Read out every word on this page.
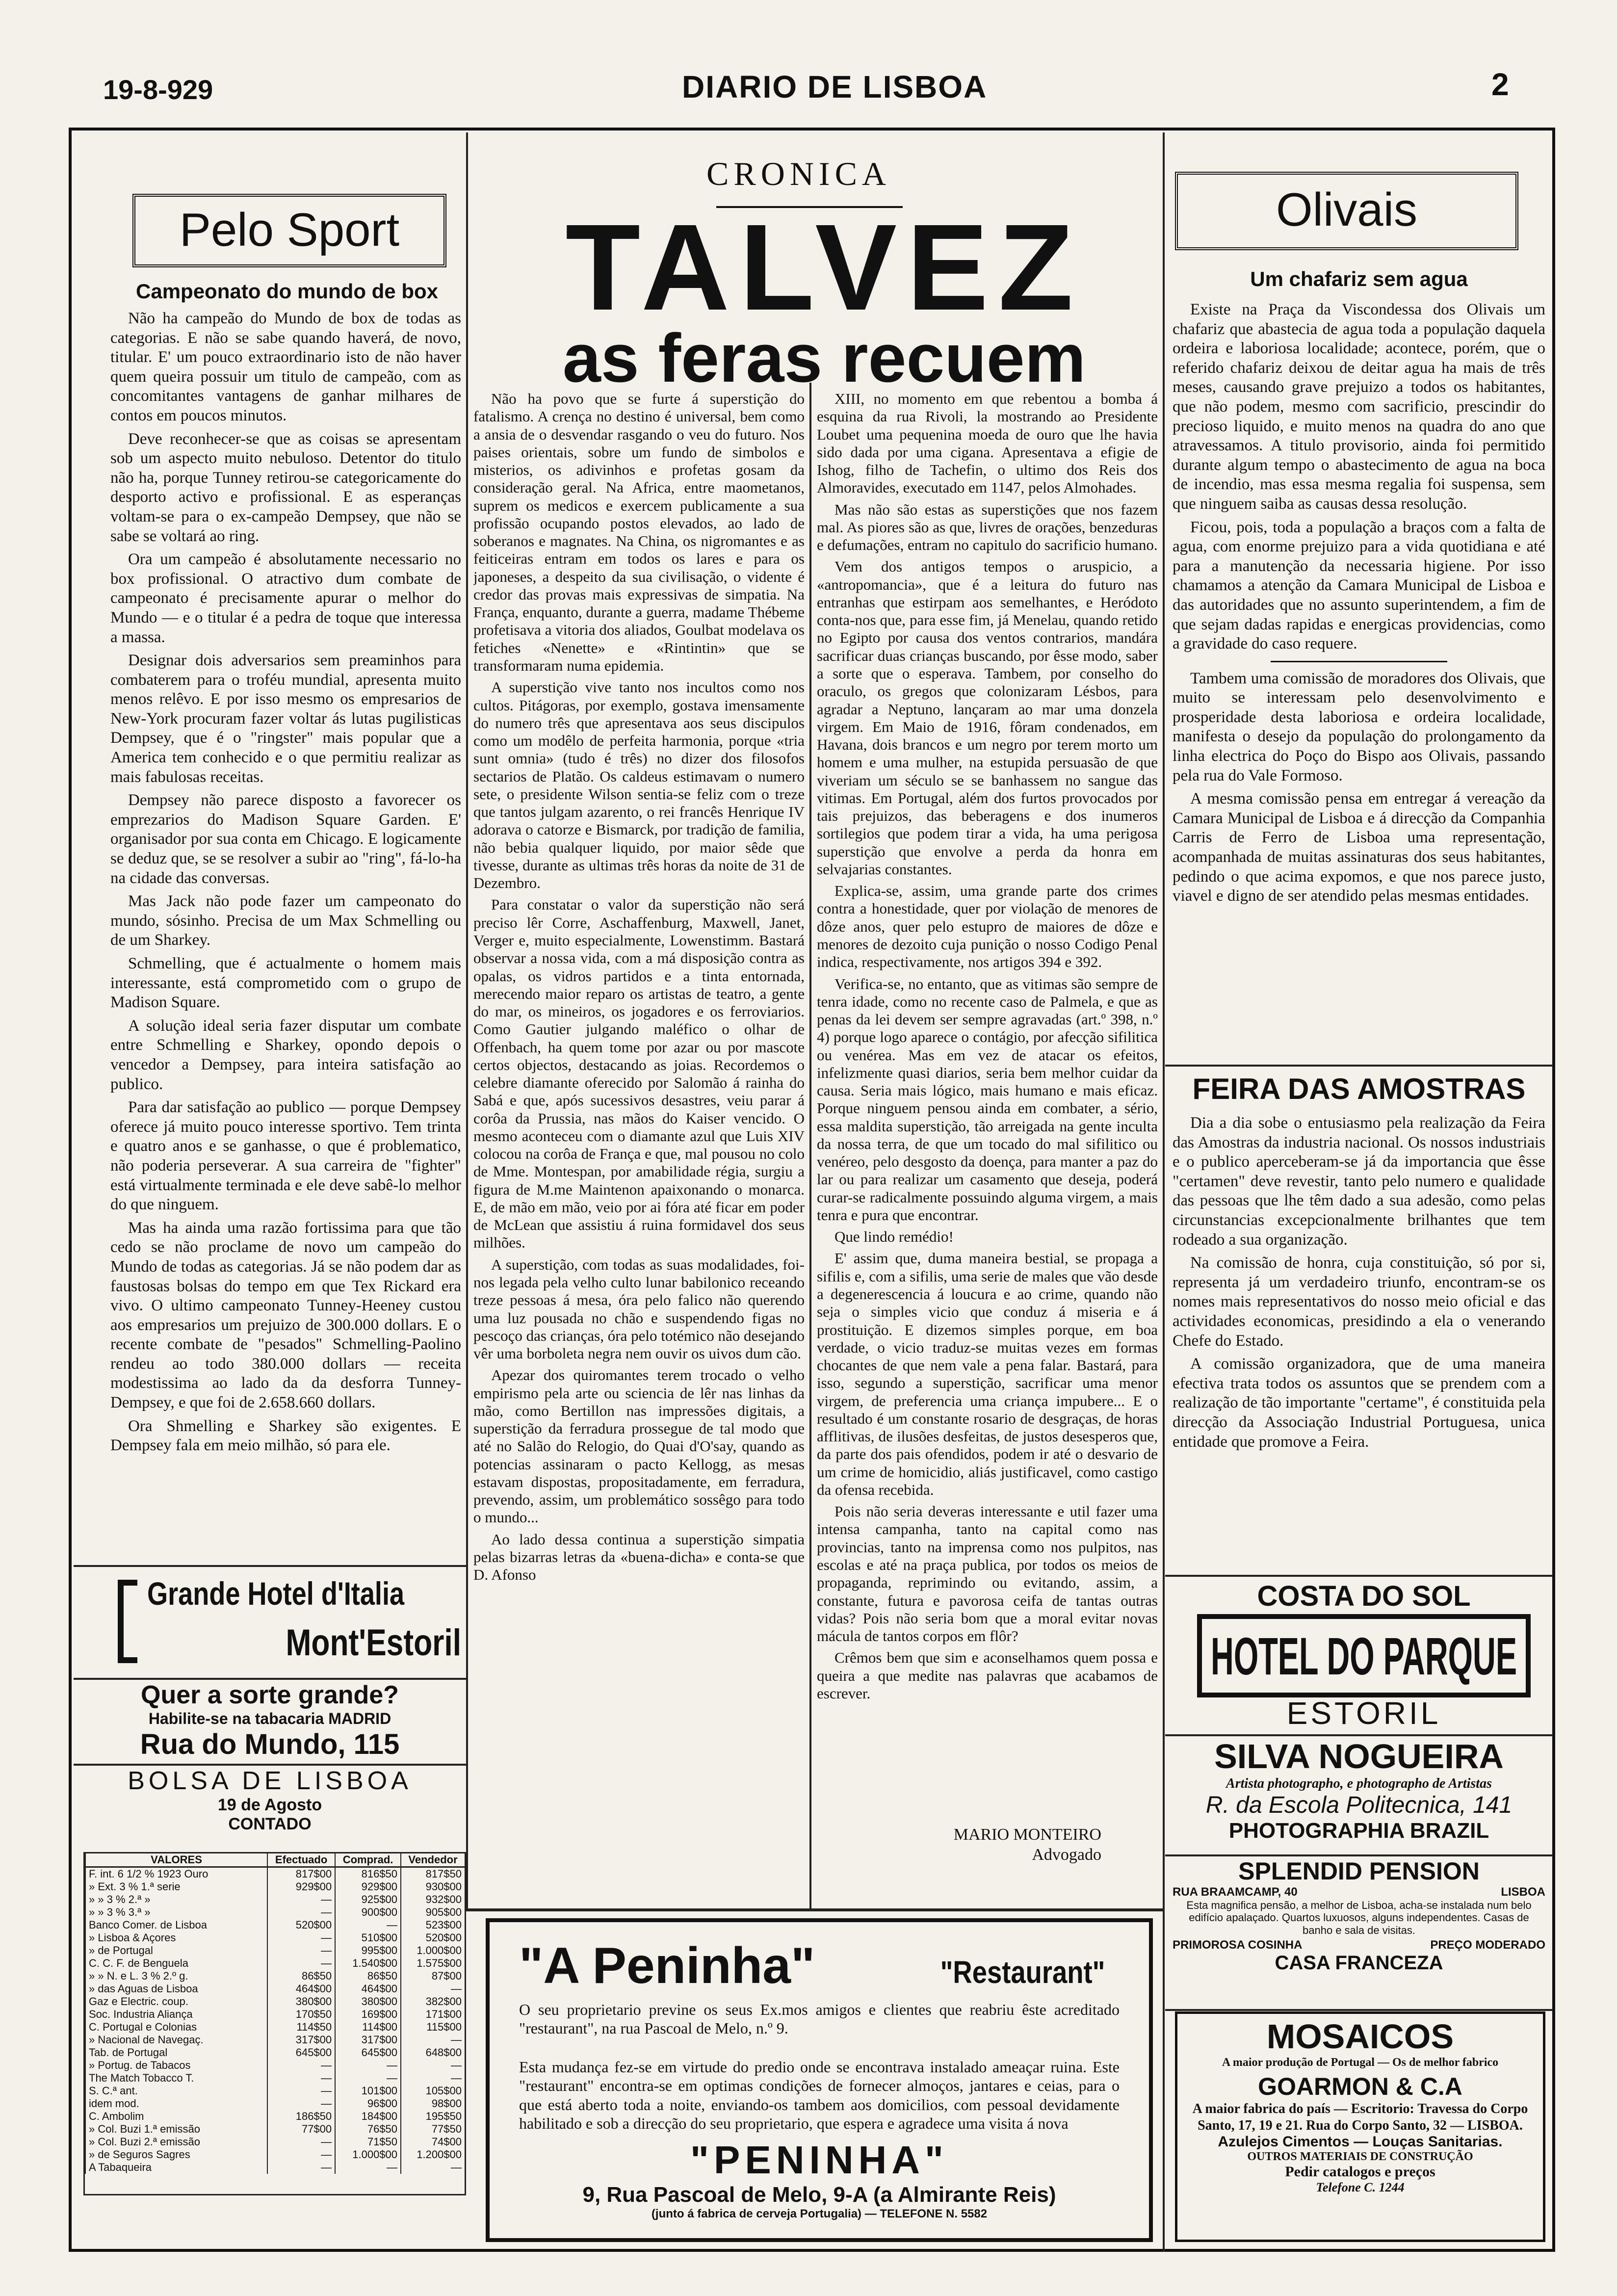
19-8-929	DIARIO DE LISBOA	2
Pelo Sport
Campeonato do mundo de box

Não ha campeão do Mundo de box de todas as categorias. E não se sabe quando haverá, de novo, titular. E' um pouco extraordinario isto de não haver quem queira possuir um titulo de campeão, com as concomitantes vantagens de ganhar milhares de contos em poucos minutos.

Deve reconhecer-se que as coisas se apresentam sob um aspecto muito nebuloso. Detentor do titulo não ha, porque Tunney retirou-se categoricamente do desporto activo e profissional. E as esperanças voltam-se para o ex-campeão Dempsey, que não se sabe se voltará ao ring.

Ora um campeão é absolutamente necessario no box profissional. O atractivo dum combate de campeonato é precisamente apurar o melhor do Mundo — e o titular é a pedra de toque que interessa a massa.

Designar dois adversarios sem preaminhos para combaterem para o troféu mundial, apresenta muito menos relêvo. E por isso mesmo os empresarios de New-York procuram fazer voltar ás lutas pugilisticas Dempsey, que é o "ringster" mais popular que a America tem conhecido e o que permitiu realizar as mais fabulosas receitas.

Dempsey não parece disposto a favorecer os emprezarios do Madison Square Garden. E' organisador por sua conta em Chicago. E logicamente se deduz que, se se resolver a subir ao "ring", fá-lo-ha na cidade das conversas.

Mas Jack não pode fazer um campeonato do mundo, sósinho. Precisa de um Max Schmelling ou de um Sharkey.

Schmelling, que é actualmente o homem mais interessante, está comprometido com o grupo de Madison Square.

A solução ideal seria fazer disputar um combate entre Schmelling e Sharkey, opondo depois o vencedor a Dempsey, para inteira satisfação ao publico.

Para dar satisfação ao publico — porque Dempsey oferece já muito pouco interesse sportivo. Tem trinta e quatro anos e se ganhasse, o que é problematico, não poderia perseverar. A sua carreira de "fighter" está virtualmente terminada e ele deve sabê-lo melhor do que ninguem.

Mas ha ainda uma razão fortissima para que tão cedo se não proclame de novo um campeão do Mundo de todas as categorias. Já se não podem dar as faustosas bolsas do tempo em que Tex Rickard era vivo. O ultimo campeonato Tunney-Heeney custou aos empresarios um prejuizo de 300.000 dollars. E o recente combate de "pesados" Schmelling-Paolino rendeu ao todo 380.000 dollars — receita modestissima ao lado da da desforra Tunney-Dempsey, e que foi de 2.658.660 dollars.

Ora Shmelling e Sharkey são exigentes. E Dempsey fala em meio milhão, só para ele.

Grande Hotel d'Italia
Mont'Estoril
Quer a sorte grande?
Habilite-se na tabacaria MADRID
Rua do Mundo, 115
BOLSA DE LISBOA
19 de Agosto
CONTADO
VALORES	Efectuado	Comprad.	Vendedor
F. int. 6 1/2 % 1923 Ouro	817$00	816$50	817$50
» Ext. 3 % 1.ª serie	929$00	929$00	930$00
» » 3 % 2.ª »	—	925$00	932$00
» » 3 % 3.ª »	—	900$00	905$00
Banco Comer. de Lisboa	520$00	—	523$00
» Lisboa & Açores	—	510$00	520$00
» de Portugal	—	995$00	1.000$00
C. C. F. de Benguela	—	1.540$00	1.575$00
» » N. e L. 3 % 2.º g.	86$50	86$50	87$00
» das Aguas de Lisboa	464$00	464$00	—
Gaz e Electric. coup.	380$00	380$00	382$00
Soc. Industria Aliança	170$50	169$00	171$00
C. Portugal e Colonias	114$50	114$00	115$00
» Nacional de Navegaç.	317$00	317$00	—
Tab. de Portugal	645$00	645$00	648$00
» Portug. de Tabacos	—	—	—
The Match Tobacco T.	—	—	—
S. C.ª ant.	—	101$00	105$00
idem mod.	—	96$00	98$00
C. Ambolim	186$50	184$00	195$50
» Col. Buzi 1.ª emissão	77$00	76$50	77$50
» Col. Buzi 2.ª emissão	—	71$50	74$00
» de Seguros Sagres	—	1.000$00	1.200$00
A Tabaqueira	—	—	—
CRONICA
TALVEZ
as feras recuem

Não ha povo que se furte á superstição do fatalismo. A crença no destino é universal, bem como a ansia de o desvendar rasgando o veu do futuro. Nos paises orientais, sobre um fundo de simbolos e misterios, os adivinhos e profetas gosam da consideração geral. Na Africa, entre maometanos, suprem os medicos e exercem publicamente a sua profissão ocupando postos elevados, ao lado de soberanos e magnates. Na China, os nigromantes e as feiticeiras entram em todos os lares e para os japoneses, a despeito da sua civilisação, o vidente é credor das provas mais expressivas de simpatia. Na França, enquanto, durante a guerra, madame Thébeme profetisava a vitoria dos aliados, Goulbat modelava os fetiches «Nenette» e «Rintintin» que se transformaram numa epidemia.

A superstição vive tanto nos incultos como nos cultos. Pitágoras, por exemplo, gostava imensamente do numero três que apresentava aos seus discipulos como um modêlo de perfeita harmonia, porque «tria sunt omnia» (tudo é três) no dizer dos filosofos sectarios de Platão. Os caldeus estimavam o numero sete, o presidente Wilson sentia-se feliz com o treze que tantos julgam azarento, o rei francês Henrique IV adorava o catorze e Bismarck, por tradição de familia, não bebia qualquer liquido, por maior sêde que tivesse, durante as ultimas três horas da noite de 31 de Dezembro.

Para constatar o valor da superstição não será preciso lêr Corre, Aschaffenburg, Maxwell, Janet, Verger e, muito especialmente, Lowenstimm. Bastará observar a nossa vida, com a má disposição contra as opalas, os vidros partidos e a tinta entornada, merecendo maior reparo os artistas de teatro, a gente do mar, os mineiros, os jogadores e os ferroviarios. Como Gautier julgando maléfico o olhar de Offenbach, ha quem tome por azar ou por mascote certos objectos, destacando as joias. Recordemos o celebre diamante oferecido por Salomão á rainha do Sabá e que, após sucessivos desastres, veiu parar á corôa da Prussia, nas mãos do Kaiser vencido. O mesmo aconteceu com o diamante azul que Luis XIV colocou na corôa de França e que, mal pousou no colo de Mme. Montespan, por amabilidade régia, surgiu a figura de M.me Maintenon apaixonando o monarca. E, de mão em mão, veio por ai fóra até ficar em poder de McLean que assistiu á ruina formidavel dos seus milhões.

A superstição, com todas as suas modalidades, foi-nos legada pela velho culto lunar babilonico receando treze pessoas á mesa, óra pelo falico não querendo uma luz pousada no chão e suspendendo figas no pescoço das crianças, óra pelo totémico não desejando vêr uma borboleta negra nem ouvir os uivos dum cão.

Apezar dos quiromantes terem trocado o velho empirismo pela arte ou sciencia de lêr nas linhas da mão, como Bertillon nas impressões digitais, a superstição da ferradura prossegue de tal modo que até no Salão do Relogio, do Quai d'O'say, quando as potencias assinaram o pacto Kellogg, as mesas estavam dispostas, propositadamente, em ferradura, prevendo, assim, um problemático sossêgo para todo o mundo...

Ao lado dessa continua a superstição simpatia pelas bizarras letras da «buena-dicha» e conta-se que D. Afonso

XIII, no momento em que rebentou a bomba á esquina da rua Rivoli, la mostrando ao Presidente Loubet uma pequenina moeda de ouro que lhe havia sido dada por uma cigana. Apresentava a efigie de Ishog, filho de Tachefin, o ultimo dos Reis dos Almoravides, executado em 1147, pelos Almohades.

Mas não são estas as superstições que nos fazem mal. As piores são as que, livres de orações, benzeduras e defumações, entram no capitulo do sacrificio humano.

Vem dos antigos tempos o aruspicio, a «antropomancia», que é a leitura do futuro nas entranhas que estirpam aos semelhantes, e Heródoto conta-nos que, para esse fim, já Menelau, quando retido no Egipto por causa dos ventos contrarios, mandára sacrificar duas crianças buscando, por êsse modo, saber a sorte que o esperava. Tambem, por conselho do oraculo, os gregos que colonizaram Lésbos, para agradar a Neptuno, lançaram ao mar uma donzela virgem. Em Maio de 1916, fôram condenados, em Havana, dois brancos e um negro por terem morto um homem e uma mulher, na estupida persuasão de que viveriam um século se se banhassem no sangue das vitimas. Em Portugal, além dos furtos provocados por tais prejuizos, das beberagens e dos inumeros sortilegios que podem tirar a vida, ha uma perigosa superstição que envolve a perda da honra em selvajarias constantes.

Explica-se, assim, uma grande parte dos crimes contra a honestidade, quer por violação de menores de dôze anos, quer pelo estupro de maiores de dôze e menores de dezoito cuja punição o nosso Codigo Penal indica, respectivamente, nos artigos 394 e 392.

Verifica-se, no entanto, que as vitimas são sempre de tenra idade, como no recente caso de Palmela, e que as penas da lei devem ser sempre agravadas (art.º 398, n.º 4) porque logo aparece o contágio, por afecção sifilitica ou venérea. Mas em vez de atacar os efeitos, infelizmente quasi diarios, seria bem melhor cuidar da causa. Seria mais lógico, mais humano e mais eficaz. Porque ninguem pensou ainda em combater, a sério, essa maldita superstição, tão arreigada na gente inculta da nossa terra, de que um tocado do mal sifilitico ou venéreo, pelo desgosto da doença, para manter a paz do lar ou para realizar um casamento que deseja, poderá curar-se radicalmente possuindo alguma virgem, a mais tenra e pura que encontrar.

Que lindo remédio!

E' assim que, duma maneira bestial, se propaga a sifilis e, com a sifilis, uma serie de males que vão desde a degenerescencia á loucura e ao crime, quando não seja o simples vicio que conduz á miseria e á prostituição. E dizemos simples porque, em boa verdade, o vicio traduz-se muitas vezes em formas chocantes de que nem vale a pena falar. Bastará, para isso, segundo a superstição, sacrificar uma menor virgem, de preferencia uma criança impubere... E o resultado é um constante rosario de desgraças, de horas afflitivas, de ilusões desfeitas, de justos desesperos que, da parte dos pais ofendidos, podem ir até o desvario de um crime de homicidio, aliás justificavel, como castigo da ofensa recebida.

Pois não seria deveras interessante e util fazer uma intensa campanha, tanto na capital como nas provincias, tanto na imprensa como nos pulpitos, nas escolas e até na praça publica, por todos os meios de propaganda, reprimindo ou evitando, assim, a constante, futura e pavorosa ceifa de tantas outras vidas? Pois não seria bom que a moral evitar novas mácula de tantos corpos em flôr?

Crêmos bem que sim e aconselhamos quem possa e queira a que medite nas palavras que acabamos de escrever.

MARIO MONTEIRO
Advogado
"A Peninha"	"Restaurant"
O seu proprietario previne os seus Ex.mos amigos e clientes que reabriu êste acreditado "restaurant", na rua Pascoal de Melo, n.º 9.
Esta mudança fez-se em virtude do predio onde se encontrava instalado ameaçar ruina. Este "restaurant" encontra-se em optimas condições de fornecer almoços, jantares e ceias, para o que está aberto toda a noite, enviando-os tambem aos domicilios, com pessoal devidamente habilitado e sob a direcção do seu proprietario, que espera e agradece uma visita á nova
"PENINHA"
9, Rua Pascoal de Melo, 9-A (a Almirante Reis)
(junto á fabrica de cerveja Portugalia) — TELEFONE N. 5582
Olivais
Um chafariz sem agua

Existe na Praça da Viscondessa dos Olivais um chafariz que abastecia de agua toda a população daquela ordeira e laboriosa localidade; acontece, porém, que o referido chafariz deixou de deitar agua ha mais de três meses, causando grave prejuizo a todos os habitantes, que não podem, mesmo com sacrificio, prescindir do precioso liquido, e muito menos na quadra do ano que atravessamos. A titulo provisorio, ainda foi permitido durante algum tempo o abastecimento de agua na boca de incendio, mas essa mesma regalia foi suspensa, sem que ninguem saiba as causas dessa resolução.

Ficou, pois, toda a população a braços com a falta de agua, com enorme prejuizo para a vida quotidiana e até para a manutenção da necessaria higiene. Por isso chamamos a atenção da Camara Municipal de Lisboa e das autoridades que no assunto superintendem, a fim de que sejam dadas rapidas e energicas providencias, como a gravidade do caso requere.

Tambem uma comissão de moradores dos Olivais, que muito se interessam pelo desenvolvimento e prosperidade desta laboriosa e ordeira localidade, manifesta o desejo da população do prolongamento da linha electrica do Poço do Bispo aos Olivais, passando pela rua do Vale Formoso.

A mesma comissão pensa em entregar á vereação da Camara Municipal de Lisboa e á direcção da Companhia Carris de Ferro de Lisboa uma representação, acompanhada de muitas assinaturas dos seus habitantes, pedindo o que acima expomos, e que nos parece justo, viavel e digno de ser atendido pelas mesmas entidades.

FEIRA DAS AMOSTRAS

Dia a dia sobe o entusiasmo pela realização da Feira das Amostras da industria nacional. Os nossos industriais e o publico aperceberam-se já da importancia que êsse "certamen" deve revestir, tanto pelo numero e qualidade das pessoas que lhe têm dado a sua adesão, como pelas circunstancias excepcionalmente brilhantes que tem rodeado a sua organização.

Na comissão de honra, cuja constituição, só por si, representa já um verdadeiro triunfo, encontram-se os nomes mais representativos do nosso meio oficial e das actividades economicas, presidindo a ela o venerando Chefe do Estado.

A comissão organizadora, que de uma maneira efectiva trata todos os assuntos que se prendem com a realização de tão importante "certame", é constituida pela direcção da Associação Industrial Portuguesa, unica entidade que promove a Feira.

COSTA DO SOL
HOTEL DO PARQUE
ESTORIL
SILVA NOGUEIRA
Artista photographo, e photographo de Artistas
R. da Escola Politecnica, 141
PHOTOGRAPHIA BRAZIL
SPLENDID PENSION
RUA BRAAMCAMP, 40	LISBOA
Esta magnifica pensão, a melhor de Lisboa, acha-se instalada num belo edifício apalaçado. Quartos luxuosos, alguns independentes. Casas de banho e sala de visitas.
PRIMOROSA COSINHA	PREÇO MODERADO
CASA FRANCEZA
MOSAICOS
A maior produção de Portugal — Os de melhor fabrico
GOARMON & C.A
A maior fabrica do país — Escritorio: Travessa do Corpo Santo, 17, 19 e 21. Rua do Corpo Santo, 32 — LISBOA.
Azulejos Cimentos — Louças Sanitarias.
OUTROS MATERIAIS DE CONSTRUÇÃO
Pedir catalogos e preços
Telefone C. 1244
